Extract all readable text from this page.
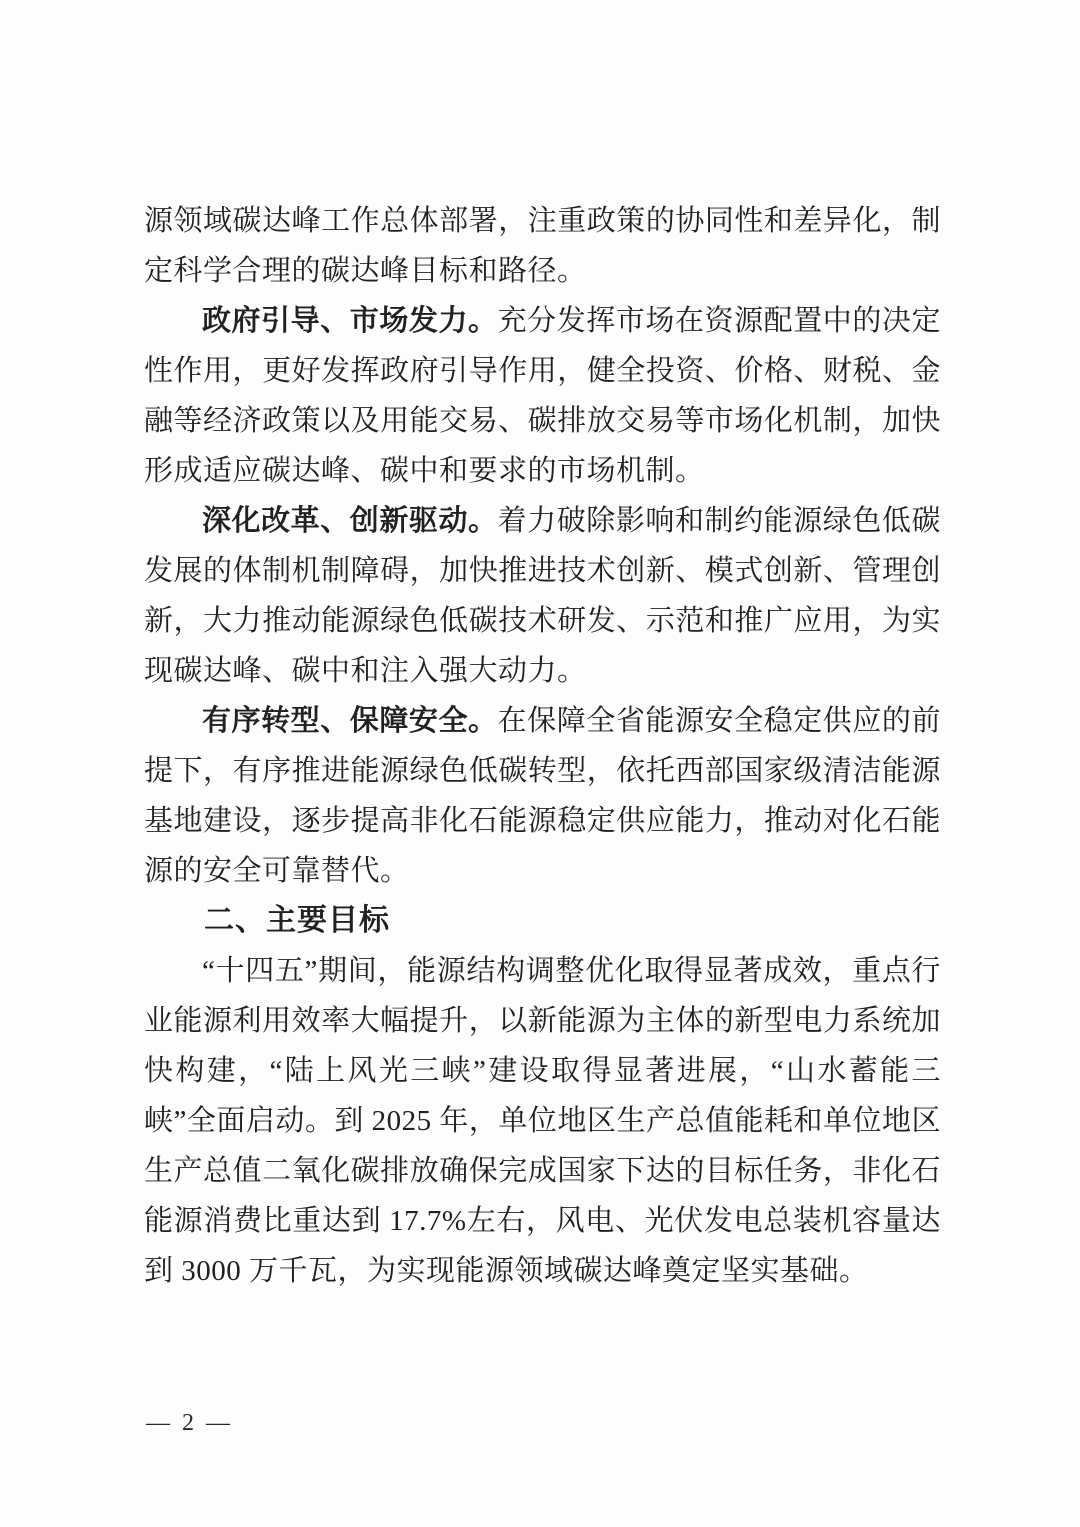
源领域碳达峰工作总体部署，注重政策的协同性和差异化，制定科学合理的碳达峰目标和路径。

政府引导、市场发力。充分发挥市场在资源配置中的决定性作用，更好发挥政府引导作用，健全投资、价格、财税、金融等经济政策以及用能交易、碳排放交易等市场化机制，加快形成适应碳达峰、碳中和要求的市场机制。

深化改革、创新驱动。着力破除影响和制约能源绿色低碳发展的体制机制障碍，加快推进技术创新、模式创新、管理创新，大力推动能源绿色低碳技术研发、示范和推广应用，为实现碳达峰、碳中和注入强大动力。

有序转型、保障安全。在保障全省能源安全稳定供应的前提下，有序推进能源绿色低碳转型，依托西部国家级清洁能源基地建设，逐步提高非化石能源稳定供应能力，推动对化石能源的安全可靠替代。

二、主要目标

“十四五”期间，能源结构调整优化取得显著成效，重点行业能源利用效率大幅提升，以新能源为主体的新型电力系统加快构建，“陆上风光三峡”建设取得显著进展，“山水蓄能三峡”全面启动。到 2025 年，单位地区生产总值能耗和单位地区生产总值二氧化碳排放确保完成国家下达的目标任务，非化石能源消费比重达到 17.7%左右，风电、光伏发电总装机容量达到 3000 万千瓦，为实现能源领域碳达峰奠定坚实基础。

— 2 —
